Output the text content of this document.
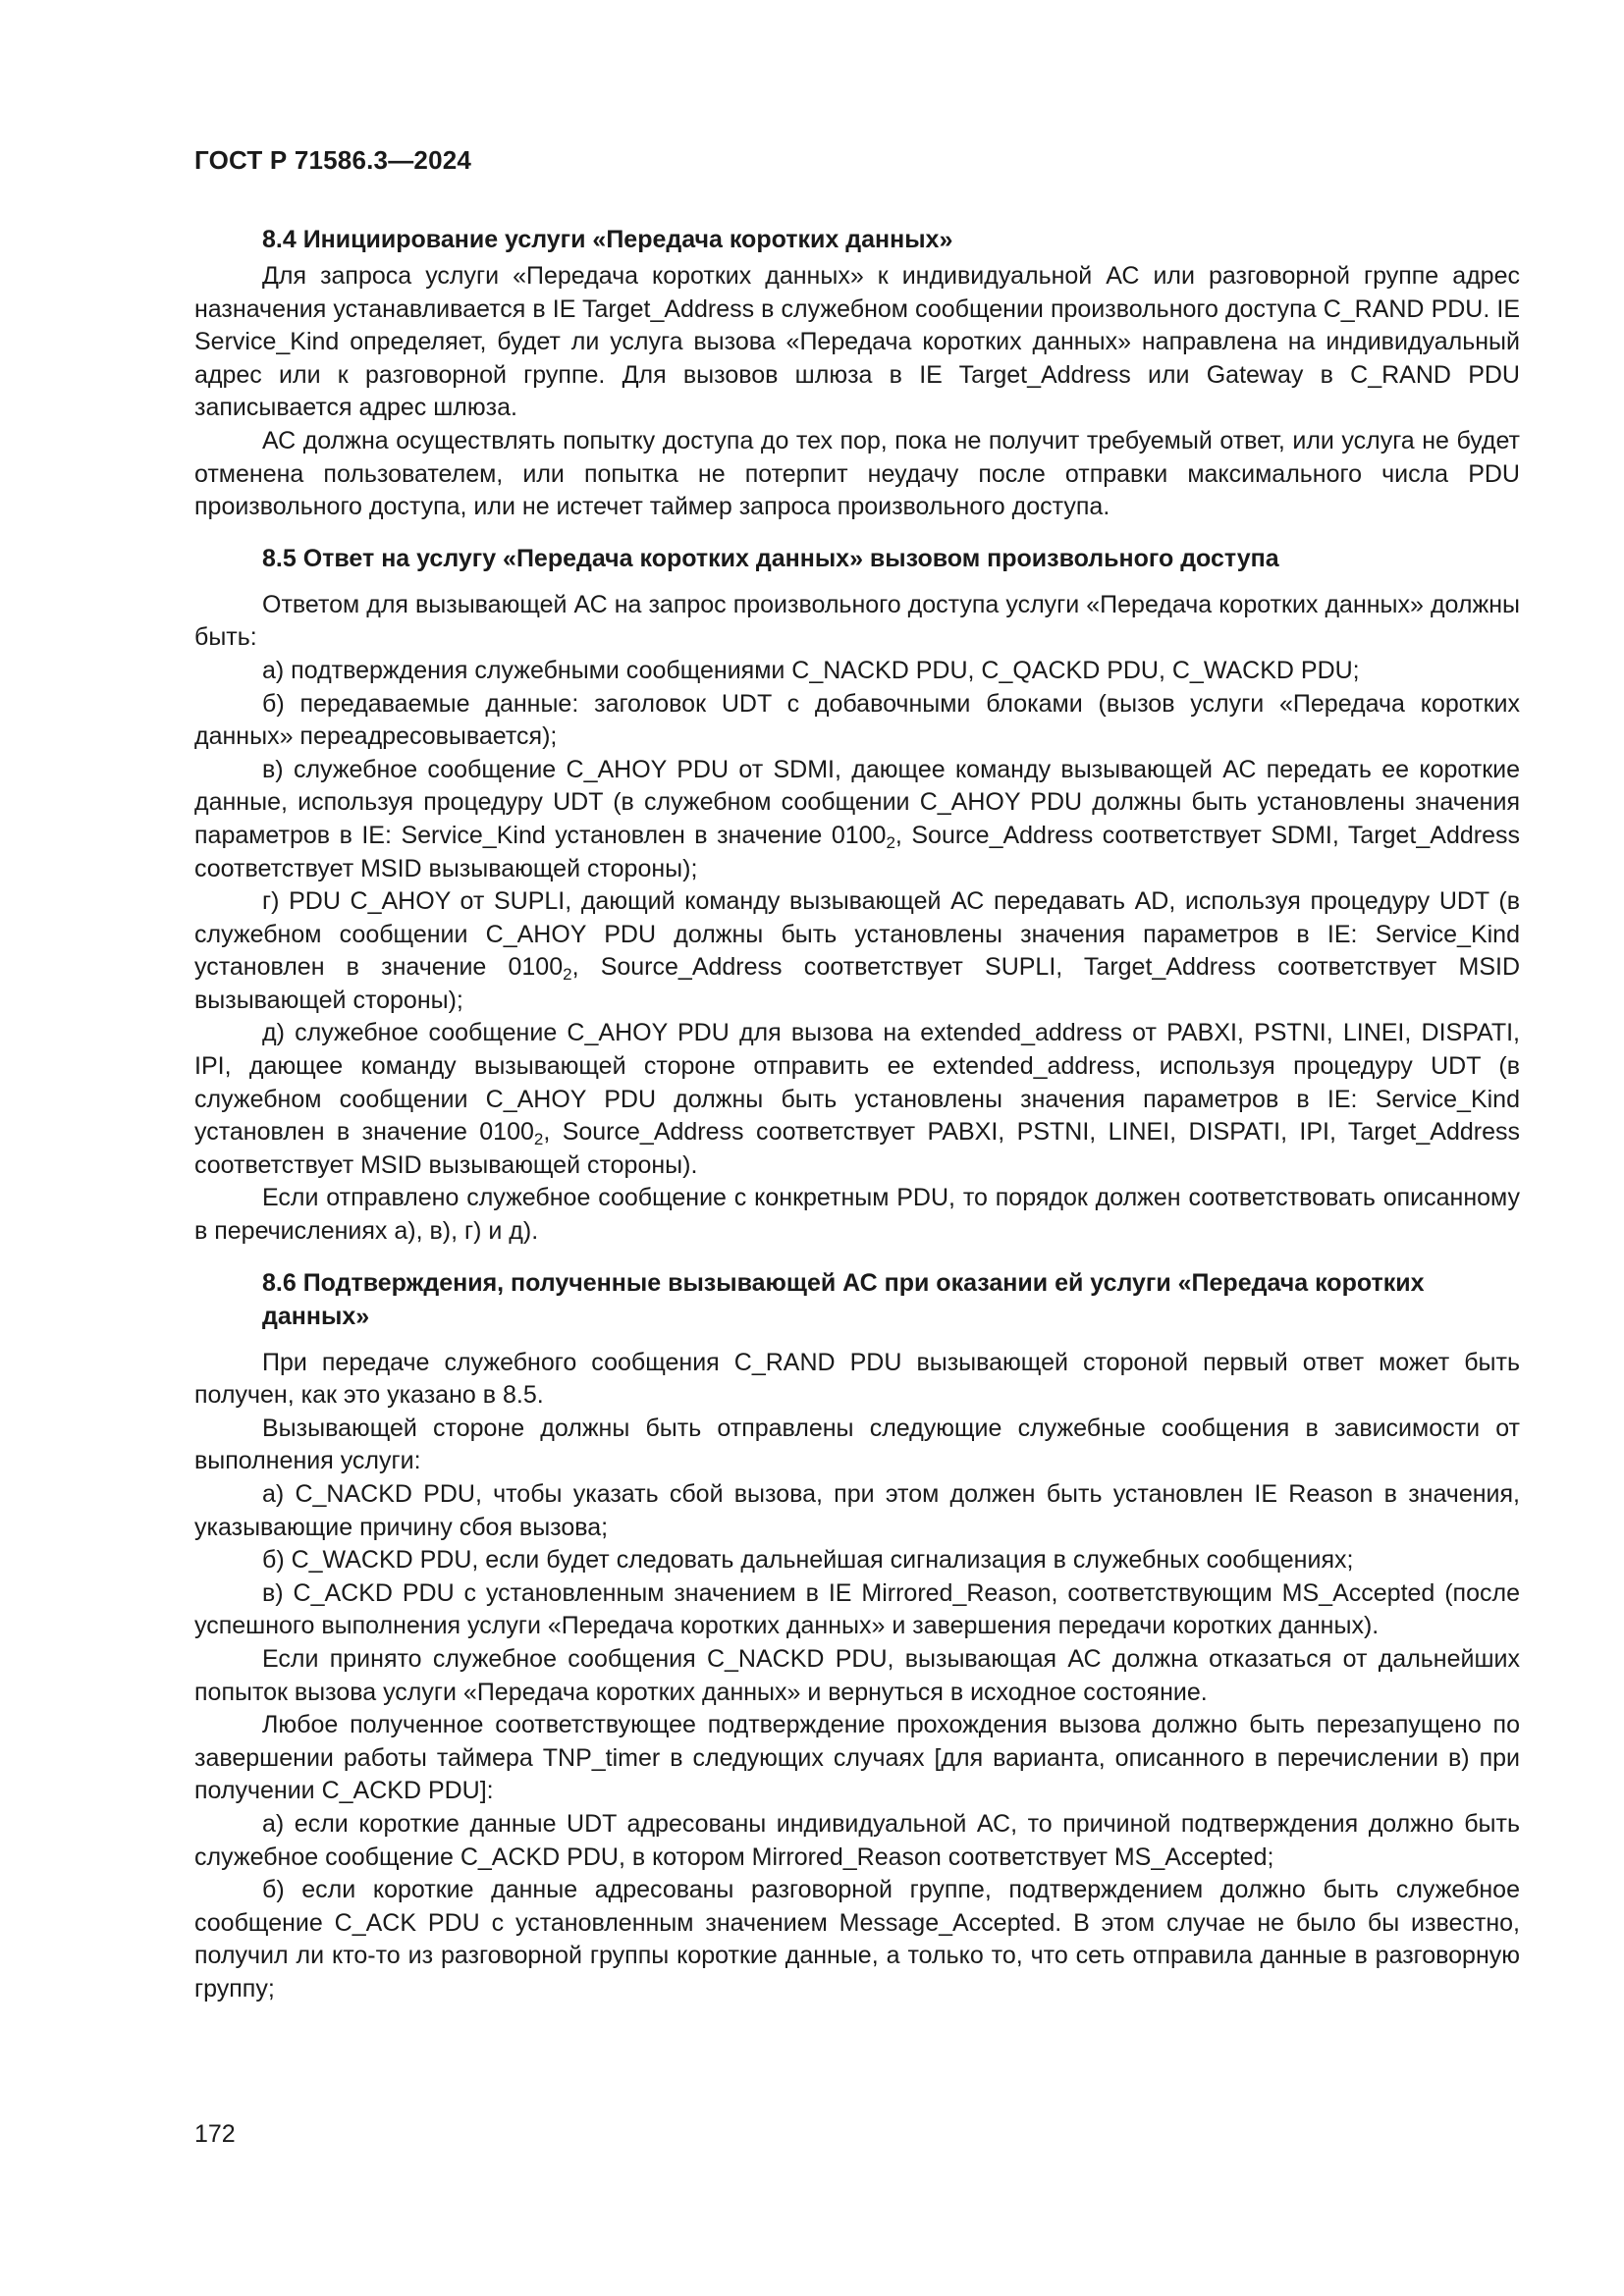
ГОСТ Р 71586.3—2024
8.4 Инициирование услуги «Передача коротких данных»

Для запроса услуги «Передача коротких данных» к индивидуальной АС или разговорной группе адрес назначения устанавливается в IE Target_Address в служебном сообщении произвольного доступа C_RAND PDU. IE Service_Kind определяет, будет ли услуга вызова «Передача коротких данных» направлена на индивидуальный адрес или к разговорной группе. Для вызовов шлюза в IE Target_Address или Gateway в C_RAND PDU записывается адрес шлюза.

АС должна осуществлять попытку доступа до тех пор, пока не получит требуемый ответ, или услуга не будет отменена пользователем, или попытка не потерпит неудачу после отправки максимального числа PDU произвольного доступа, или не истечет таймер запроса произвольного доступа.

8.5 Ответ на услугу «Передача коротких данных» вызовом произвольного доступа

Ответом для вызывающей АС на запрос произвольного доступа услуги «Передача коротких данных» должны быть:

а) подтверждения служебными сообщениями C_NACKD PDU, C_QACKD PDU, C_WACKD PDU;

б) передаваемые данные: заголовок UDT с добавочными блоками (вызов услуги «Передача коротких данных» переадресовывается);

в) служебное сообщение C_AHOY PDU от SDMI, дающее команду вызывающей АС передать ее короткие данные, используя процедуру UDT (в служебном сообщении C_AHOY PDU должны быть установлены значения параметров в IE: Service_Kind установлен в значение $0100_2$, Source_Address соответствует SDMI, Target_Address соответствует MSID вызывающей стороны);

г) PDU C_AHOY от SUPLI, дающий команду вызывающей АС передавать AD, используя процедуру UDT (в служебном сообщении C_AHOY PDU должны быть установлены значения параметров в IE: Service_Kind установлен в значение $0100_2$, Source_Address соответствует SUPLI, Target_Address соответствует MSID вызывающей стороны);

д) служебное сообщение C_AHOY PDU для вызова на extended_address от PABXI, PSTNI, LINEI, DISPATI, IPI, дающее команду вызывающей стороне отправить ее extended_address, используя процедуру UDT (в служебном сообщении C_AHOY PDU должны быть установлены значения параметров в IE: Service_Kind установлен в значение $0100_2$, Source_Address соответствует PABXI, PSTNI, LINEI, DISPATI, IPI, Target_Address соответствует MSID вызывающей стороны).

Если отправлено служебное сообщение с конкретным PDU, то порядок должен соответствовать описанному в перечислениях а), в), г) и д).

8.6 Подтверждения, полученные вызывающей АС при оказании ей услуги «Передача коротких данных»

При передаче служебного сообщения C_RAND PDU вызывающей стороной первый ответ может быть получен, как это указано в 8.5.

Вызывающей стороне должны быть отправлены следующие служебные сообщения в зависимости от выполнения услуги:

а) C_NACKD PDU, чтобы указать сбой вызова, при этом должен быть установлен IE Reason в значения, указывающие причину сбоя вызова;

б) C_WACKD PDU, если будет следовать дальнейшая сигнализация в служебных сообщениях;

в) C_ACKD PDU с установленным значением в IE Mirrored_Reason, соответствующим MS_Accepted (после успешного выполнения услуги «Передача коротких данных» и завершения передачи коротких данных).

Если принято служебное сообщения C_NACKD PDU, вызывающая АС должна отказаться от дальнейших попыток вызова услуги «Передача коротких данных» и вернуться в исходное состояние.

Любое полученное соответствующее подтверждение прохождения вызова должно быть перезапущено по завершении работы таймера TNP_timer в следующих случаях [для варианта, описанного в перечислении в) при получении C_ACKD PDU]:

а) если короткие данные UDT адресованы индивидуальной АС, то причиной подтверждения должно быть служебное сообщение C_ACKD PDU, в котором Mirrored_Reason соответствует MS_Accepted;

б) если короткие данные адресованы разговорной группе, подтверждением должно быть служебное сообщение C_ACK PDU с установленным значением Message_Accepted. В этом случае не было бы известно, получил ли кто-то из разговорной группы короткие данные, а только то, что сеть отправила данные в разговорную группу;

172
